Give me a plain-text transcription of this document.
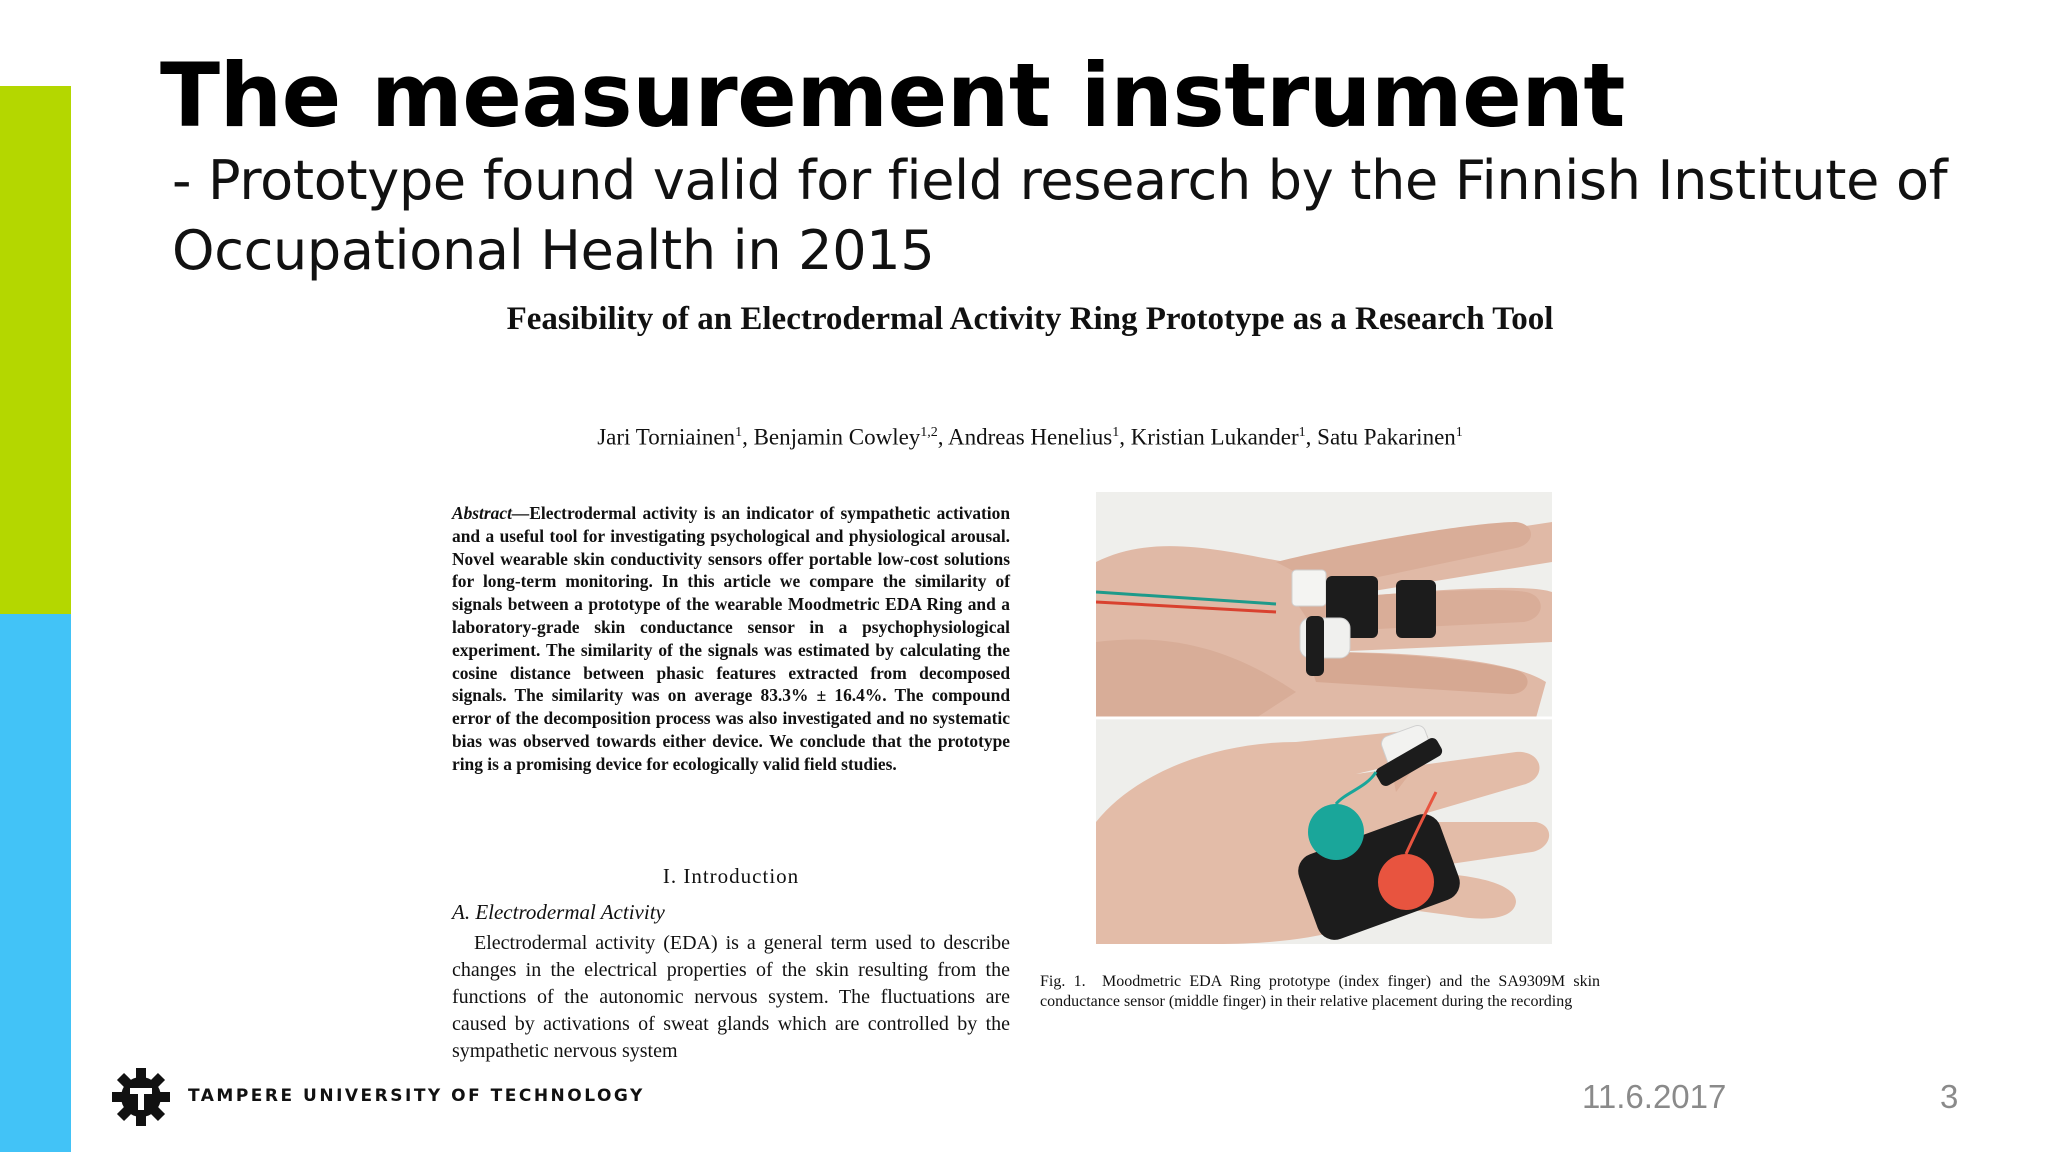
The measurement instrument
- Prototype found valid for field research by the Finnish Institute of Occupational Health in 2015
Feasibility of an Electrodermal Activity Ring Prototype as a Research Tool
Jari Torniainen$^1$, Benjamin Cowley$^{1,2}$, Andreas Henelius$^1$, Kristian Lukander$^1$, Satu Pakarinen$^1$
Abstract—Electrodermal activity is an indicator of sympathetic activation and a useful tool for investigating psychological and physiological arousal. Novel wearable skin conductivity sensors offer portable low-cost solutions for long-term monitoring. In this article we compare the similarity of signals between a prototype of the wearable Moodmetric EDA Ring and a laboratory-grade skin conductance sensor in a psychophysiological experiment. The similarity of the signals was estimated by calculating the cosine distance between phasic features extracted from decomposed signals. The similarity was on average 83.3% ± 16.4%. The compound error of the decomposition process was also investigated and no systematic bias was observed towards either device. We conclude that the prototype ring is a promising device for ecologically valid field studies.
I. Introduction
A. Electrodermal Activity
Electrodermal activity (EDA) is a general term used to describe changes in the electrical properties of the skin resulting from the functions of the autonomic nervous system. The fluctuations are caused by activations of sweat glands which are controlled by the sympathetic nervous system
Fig. 1. Moodmetric EDA Ring prototype (index finger) and the SA9309M skin conductance sensor (middle finger) in their relative placement during the recording
TAMPERE UNIVERSITY OF TECHNOLOGY	11.6.2017	3
